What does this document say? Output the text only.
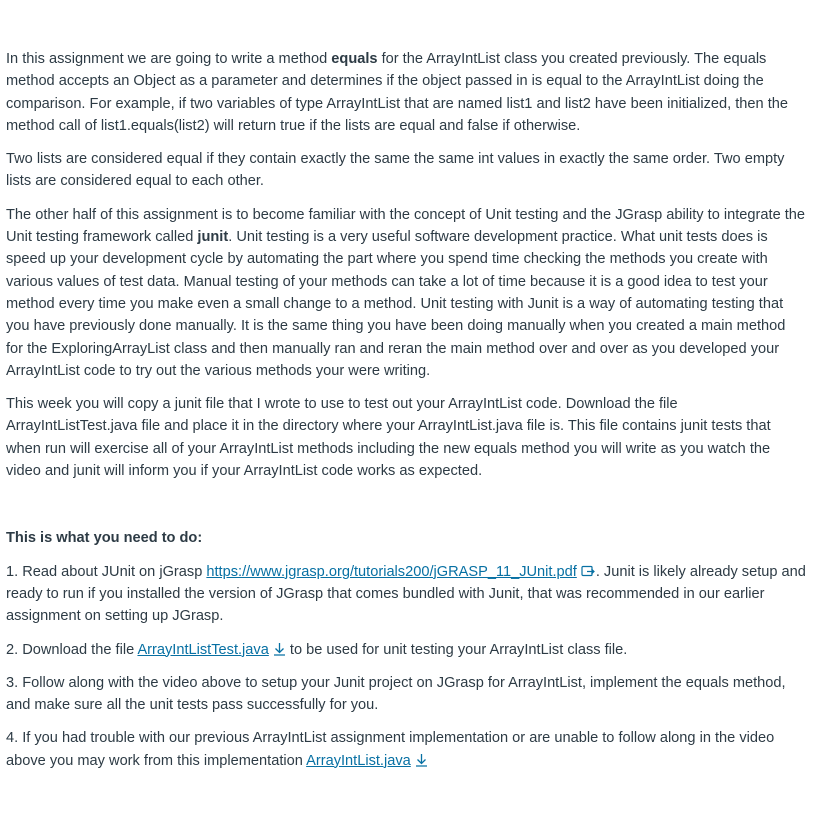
In this assignment we are going to write a method equals for the ArrayIntList class you created previously. The equals method accepts an Object as a parameter and determines if the object passed in is equal to the ArrayIntList doing the comparison. For example, if two variables of type ArrayIntList that are named list1 and list2 have been initialized, then the method call of list1.equals(list2) will return true if the lists are equal and false if otherwise.

Two lists are considered equal if they contain exactly the same the same int values in exactly the same order. Two empty lists are considered equal to each other.

The other half of this assignment is to become familiar with the concept of Unit testing and the JGrasp ability to integrate the Unit testing framework called junit. Unit testing is a very useful software development practice. What unit tests does is speed up your development cycle by automating the part where you spend time checking the methods you create with various values of test data. Manual testing of your methods can take a lot of time because it is a good idea to test your method every time you make even a small change to a method. Unit testing with Junit is a way of automating testing that you have previously done manually. It is the same thing you have been doing manually when you created a main method for the ExploringArrayList class and then manually ran and reran the main method over and over as you developed your ArrayIntList code to try out the various methods your were writing.

This week you will copy a junit file that I wrote to use to test out your ArrayIntList code. Download the file ArrayIntListTest.java file and place it in the directory where your ArrayIntList.java file is. This file contains junit tests that when run will exercise all of your ArrayIntList methods including the new equals method you will write as you watch the video and junit will inform you if your ArrayIntList code works as expected.

This is what you need to do:

1. Read about JUnit on jGrasp https://www.jgrasp.org/tutorials200/jGRASP_11_JUnit.pdf . Junit is likely already setup and ready to run if you installed the version of JGrasp that comes bundled with Junit, that was recommended in our earlier assignment on setting up JGrasp.

2. Download the file ArrayIntListTest.java
to be used for unit testing your ArrayIntList class file.

3. Follow along with the video above to setup your Junit project on JGrasp for ArrayIntList, implement the equals method, and make sure all the unit tests pass successfully for you.

4. If you had trouble with our previous ArrayIntList assignment implementation or are unable to follow along in the video above you may work from this implementation ArrayIntList.java
